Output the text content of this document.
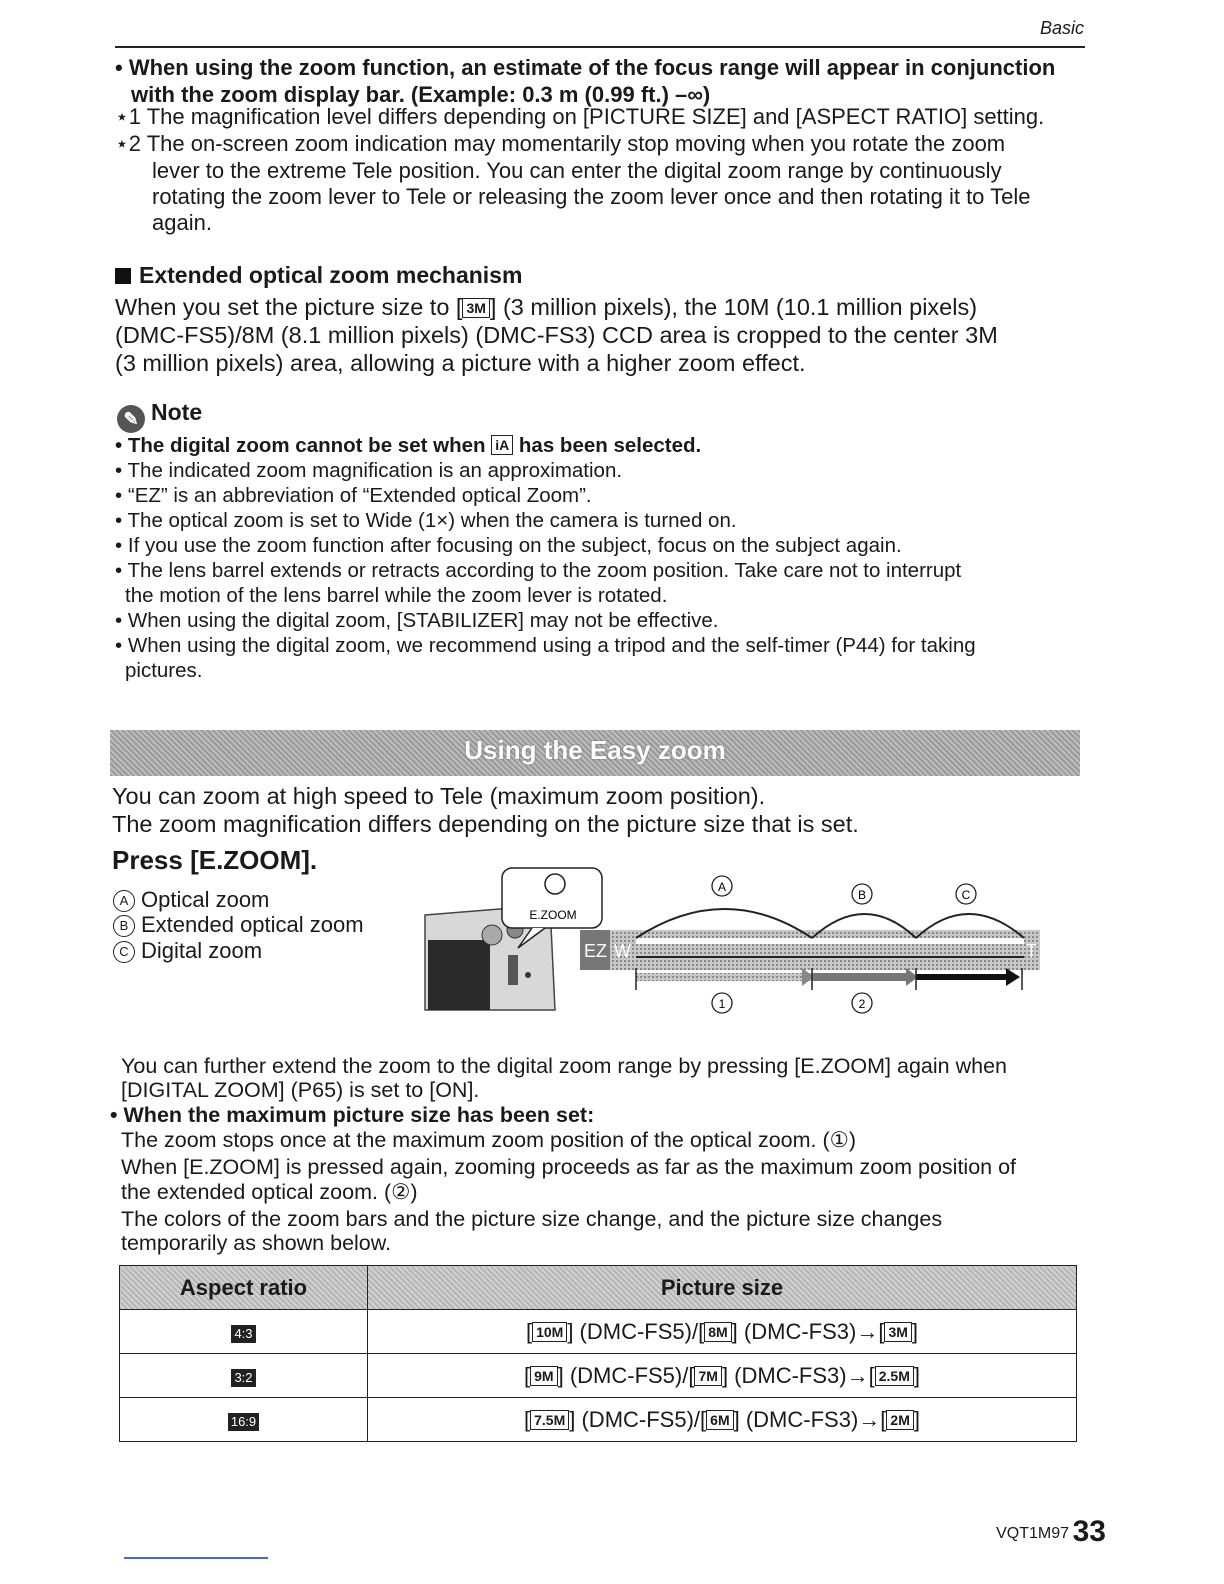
Basic
• When using the zoom function, an estimate of the focus range will appear in conjunction with the zoom display bar. (Example: 0.3 m (0.99 ft.) –∞)
⋆1 The magnification level differs depending on [PICTURE SIZE] and [ASPECT RATIO] setting.
⋆2 The on-screen zoom indication may momentarily stop moving when you rotate the zoom
lever to the extreme Tele position. You can enter the digital zoom range by continuously
rotating the zoom lever to Tele or releasing the zoom lever once and then rotating it to Tele
again.
Extended optical zoom mechanism
When you set the picture size to [ 3M ] (3 million pixels), the 10M (10.1 million pixels)
(DMC-FS5)/8M (8.1 million pixels) (DMC-FS3) CCD area is cropped to the center 3M
(3 million pixels) area, allowing a picture with a higher zoom effect.
✎ Note
• The digital zoom cannot be set when iA has been selected.
• The indicated zoom magnification is an approximation.
• “EZ” is an abbreviation of “Extended optical Zoom”.
• The optical zoom is set to Wide (1×) when the camera is turned on.
• If you use the zoom function after focusing on the subject, focus on the subject again.
• The lens barrel extends or retracts according to the zoom position. Take care not to interrupt
the motion of the lens barrel while the zoom lever is rotated.
• When using the digital zoom, [STABILIZER] may not be effective.
• When using the digital zoom, we recommend using a tripod and the self-timer (P44) for taking
pictures.
Using the Easy zoom
You can zoom at high speed to Tele (maximum zoom position).
The zoom magnification differs depending on the picture size that is set.
Press [E.ZOOM].
A Optical zoom
B Extended optical zoom
C Digital zoom
E.ZOOM
EZ W	T
A
B	C
1	2
You can further extend the zoom to the digital zoom range by pressing [E.ZOOM] again when
[DIGITAL ZOOM] (P65) is set to [ON].
• When the maximum picture size has been set:
The zoom stops once at the maximum zoom position of the optical zoom. (①)
When [E.ZOOM] is pressed again, zooming proceeds as far as the maximum zoom position of
the extended optical zoom. (②)
The colors of the zoom bars and the picture size change, and the picture size changes
temporarily as shown below.
Aspect ratio	Picture size
4:3	[ 10M ] (DMC-FS5)/[ 8M ] (DMC-FS3)→[ 3M ]
3:2	[ 9M ] (DMC-FS5)/[ 7M ] (DMC-FS3)→[ 2.5M ]
16:9	[ 7.5M ] (DMC-FS5)/[ 6M ] (DMC-FS3)→[ 2M ]
VQT1M97 33
